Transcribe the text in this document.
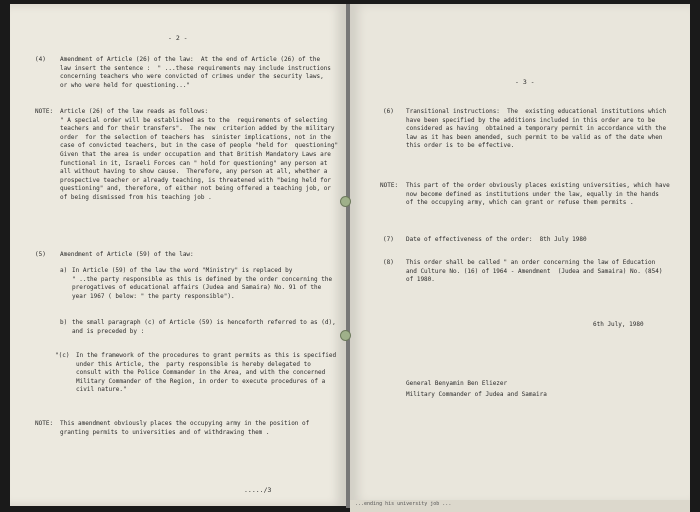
- 2 -
(4) Amendment of Article (26) of the law:  At the end of Article (26) of the
law insert the sentence :  " ...these requirements may include instructions
concerning teachers who were convicted of crimes under the security laws,
or who were held for questioning..."
NOTE: Article (26) of the law reads as follows:
" A special order will be established as to the  requirements of selecting
teachers and for their transfers".  The new  criterion added by the military
order  for the selection of teachers has  sinister implications, not in the
case of convicted teachers, but in the case of people "held for  questioning"
Given that the area is under occupation and that British Mandatory Laws are
functional in it, Israeli Forces can " hold for questioning" any person at
all without having to show cause.  Therefore, any person at all, whether a
prospective teacher or already teaching, is threatened with "being held for
questioning" and, therefore, of either not being offered a teaching job, or
of being dismissed from his teaching job .
(5) Amendment of Article (59) of the law:
a) In Article (59) of the law the word "Ministry" is replaced by
" ..the party responsible as this is defined by the order concerning the
prerogatives of educational affairs (Judea and Samaira) No. 91 of the
year 1967 ( below: " the party responsible").
b) the small paragraph (c) of Article (59) is henceforth referred to as (d),
and is preceded by :
"(c) In the framework of the procedures to grant permits as this is specified
under this Article, the  party responsible is hereby delegated to
consult with the Police Commander in the Area, and with the concerned
Military Commander of the Region, in order to execute procedures of a
civil nature."
NOTE: This amendment obviously places the occupying army in the position of
granting permits to universities and of withdrawing them .
...../3
- 3 -
(6) Transitional instructions:  The  existing educational institutions which
have been specified by the additions included in this order are to be
considered as having  obtained a temporary permit in accordance with the
law as it has been amended, such permit to be valid as of the date when
this order is to be effective.
NOTE: This part of the order obviously places existing universities, which have
now become defined as institutions under the law, equally in the hands
of the occupying army, which can grant or refuse them permits .
(7) Date of effectiveness of the order:  8th July 1980
(8) This order shall be called " an order concerning the law of Education
and Culture No. (16) of 1964 - Amendment  (Judea and Samaira) No. (854)
of 1980.
6th July, 1980
General Benyamin Ben Eliezer
Military Commander of Judea and Samaira
...ending his university job ...
